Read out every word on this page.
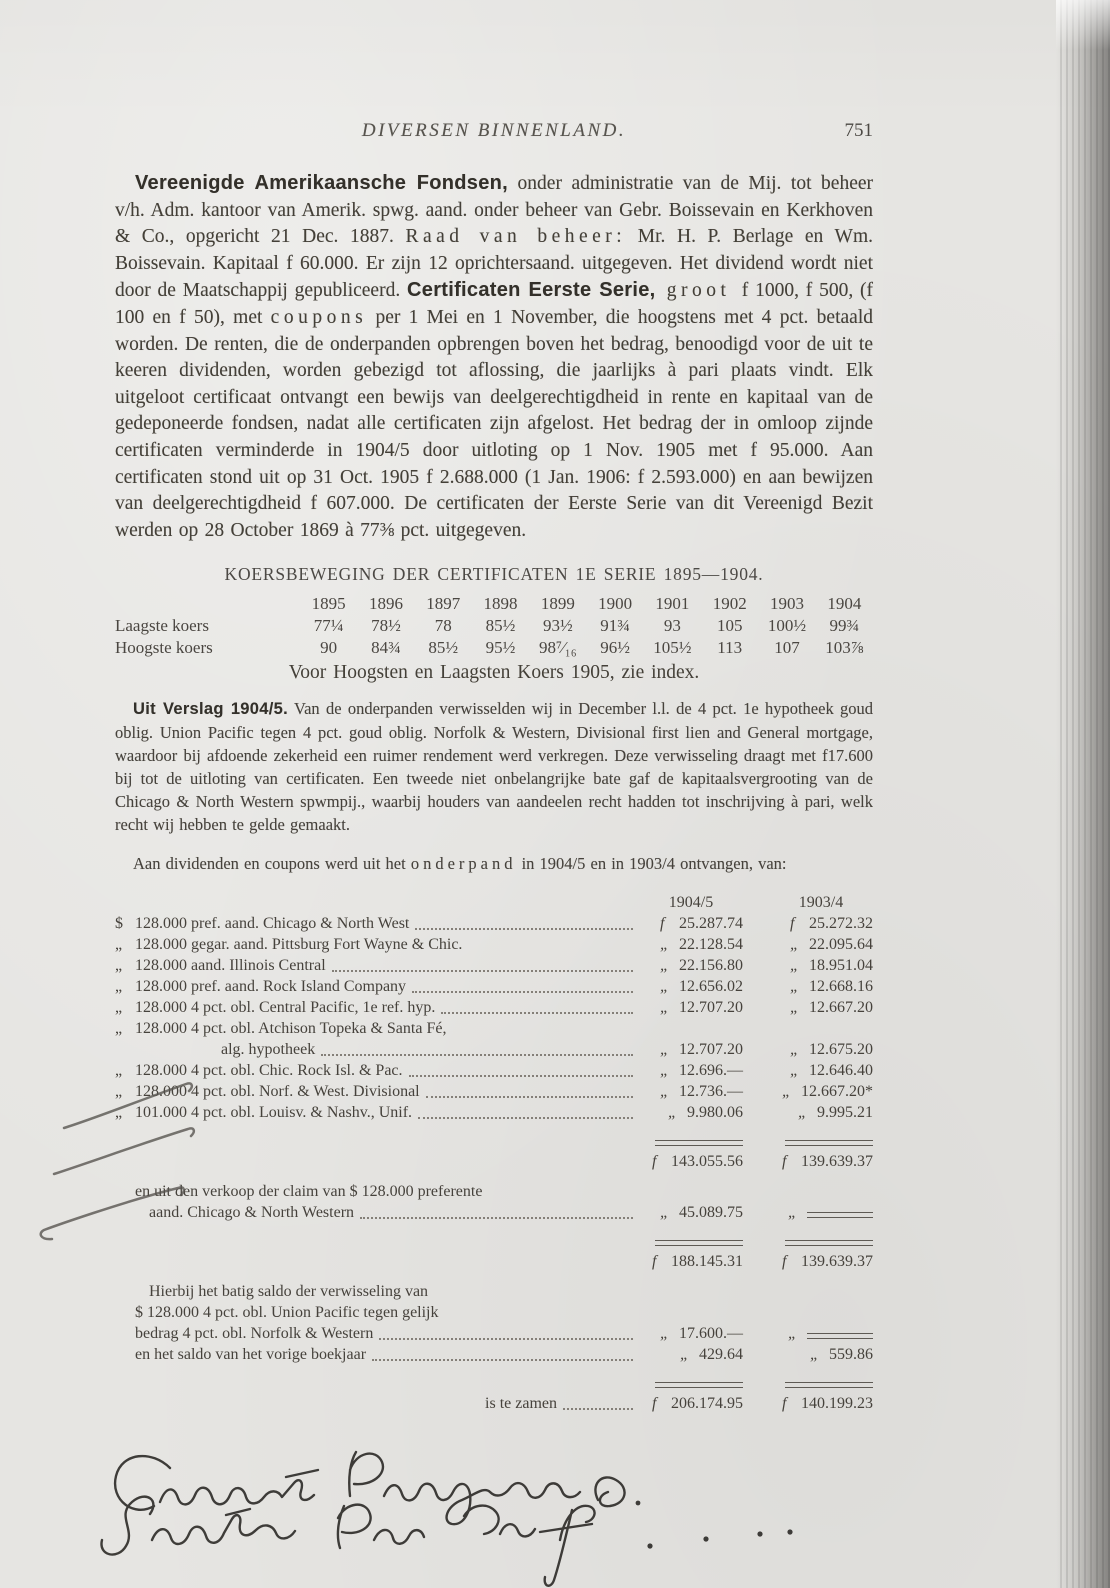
DIVERSEN BINNENLAND.	751

Vereenigde Amerikaansche Fondsen, onder administratie van de Mij. tot beheer v/h. Adm. kantoor van Amerik. spwg. aand. onder beheer van Gebr. Boissevain en Kerkhoven & Co., opgericht 21 Dec. 1887. Raad van beheer: Mr. H. P. Berlage en Wm. Boissevain. Kapitaal f 60.000. Er zijn 12 oprichtersaand. uitgegeven. Het dividend wordt niet door de Maatschappij gepubliceerd. Certificaten Eerste Serie, groot f 1000, f 500, (f 100 en f 50), met coupons per 1 Mei en 1 November, die hoogstens met 4 pct. betaald worden. De renten, die de onderpanden opbrengen boven het bedrag, benoodigd voor de uit te keeren dividenden, worden gebezigd tot aflossing, die jaarlijks à pari plaats vindt. Elk uitgeloot certificaat ontvangt een bewijs van deelgerechtigdheid in rente en kapitaal van de gedeponeerde fondsen, nadat alle certificaten zijn afgelost. Het bedrag der in omloop zijnde certificaten verminderde in 1904/5 door uitloting op 1 Nov. 1905 met f 95.000. Aan certificaten stond uit op 31 Oct. 1905 f 2.688.000 (1 Jan. 1906: f 2.593.000) en aan bewijzen van deelgerechtigdheid f 607.000. De certificaten der Eerste Serie van dit Vereenigd Bezit werden op 28 October 1869 à 77⅜ pct. uitgegeven.

KOERSBEWEGING DER CERTIFICATEN 1E SERIE 1895—1904.
1895	1896	1897	1898	1899	1900	1901	1902	1903	1904
Laagste koers	77¼	78½	78	85½	93½	91¾	93	105	100½	99¾
Hoogste koers	90	84¾	85½	95½	98⁷⁄₁₆	96½	105½	113	107	103⅞
Voor Hoogsten en Laagsten Koers 1905, zie index.

Uit Verslag 1904/5. Van de onderpanden verwisselden wij in December l.l. de 4 pct. 1e hypotheek goud oblig. Union Pacific tegen 4 pct. goud oblig. Norfolk & Western, Divisional first lien and General mortgage, waardoor bij afdoende zekerheid een ruimer rendement werd verkregen. Deze verwisseling draagt met f17.600 bij tot de uitloting van certificaten. Een tweede niet onbelangrijke bate gaf de kapitaalsvergrooting van de Chicago & North Western spwmpij., waarbij houders van aandeelen recht hadden tot inschrijving à pari, welk recht wij hebben te gelde gemaakt.

Aan dividenden en coupons werd uit het onderpand in 1904/5 en in 1903/4 ontvangen, van:

1904/5	1903/4
$ 128.000 pref. aand. Chicago & North West	f 25.287.74	f 25.272.32
„ 128.000 gegar. aand. Pittsburg Fort Wayne & Chic.	„ 22.128.54	„ 22.095.64
„ 128.000 aand. Illinois Central	„ 22.156.80	„ 18.951.04
„ 128.000 pref. aand. Rock Island Company	„ 12.656.02	„ 12.668.16
„ 128.000 4 pct. obl. Central Pacific, 1e ref. hyp.	„ 12.707.20	„ 12.667.20
„ 128.000 4 pct. obl. Atchison Topeka & Santa Fé,
alg. hypotheek	„ 12.707.20	„ 12.675.20
„ 128.000 4 pct. obl. Chic. Rock Isl. & Pac.	„ 12.696.—	„ 12.646.40
„ 128.000 4 pct. obl. Norf. & West. Divisional	„ 12.736.— „ 12.667.20*
„ 101.000 4 pct. obl. Louisv. & Nashv., Unif.	„ 9.980.06	„ 9.995.21
f 143.055.56 f 139.639.37
en uit den verkoop der claim van $ 128.000 preferente
aand. Chicago & North Western	„ 45.089.75	„
f 188.145.31 f 139.639.37
Hierbij het batig saldo der verwisseling van
$ 128.000 4 pct. obl. Union Pacific tegen gelijk
bedrag 4 pct. obl. Norfolk & Western	„ 17.600.—	„
en het saldo van het vorige boekjaar	„ 429.64	„ 559.86
is te zamen	f 206.174.95 f 140.199.23
